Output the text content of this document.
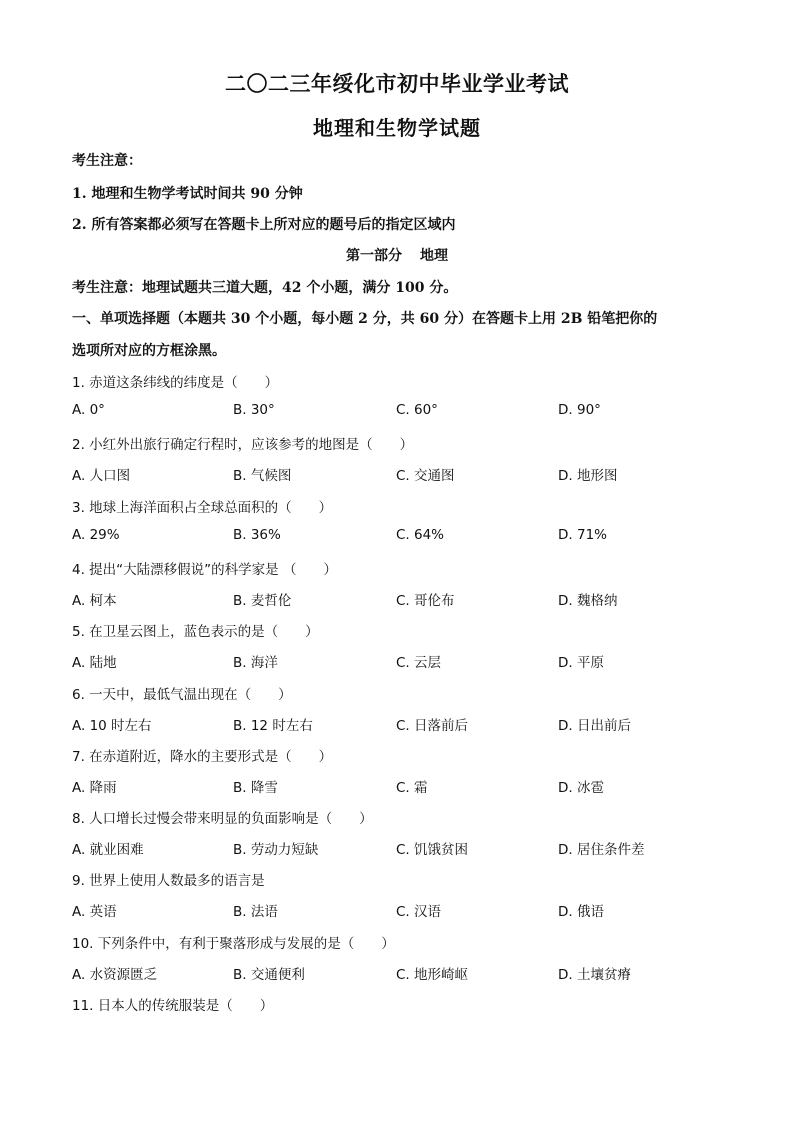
二〇二三年绥化市初中毕业学业考试
地理和生物学试题
考生注意：
1. 地理和生物学考试时间共 90 分钟
2. 所有答案都必须写在答题卡上所对应的题号后的指定区域内
第一部分 地理
考生注意：地理试题共三道大题，42 个小题，满分 100 分。
一、单项选择题（本题共 30 个小题，每小题 2 分，共 60 分）在答题卡上用 2B 铅笔把你的
选项所对应的方框涂黑。
1. 赤道这条纬线的纬度是（　　）
A. 0°	B. 30°	C. 60°	D. 90°
2. 小红外出旅行确定行程时，应该参考的地图是（　　）
A. 人口图	B. 气候图	C. 交通图	D. 地形图
3. 地球上海洋面积占全球总面积的（　　）
A. 29%	B. 36%	C. 64%	D. 71%
4. 提出“大陆漂移假说”的科学家是 （　　）
A. 柯本	B. 麦哲伦	C. 哥伦布	D. 魏格纳
5. 在卫星云图上，蓝色表示的是（　　）
A. 陆地	B. 海洋	C. 云层	D. 平原
6. 一天中，最低气温出现在（　　）
A. 10 时左右	B. 12 时左右	C. 日落前后	D. 日出前后
7. 在赤道附近，降水的主要形式是（　　）
A. 降雨	B. 降雪	C. 霜	D. 冰雹
8. 人口增长过慢会带来明显的负面影响是（　　）
A. 就业困难	B. 劳动力短缺	C. 饥饿贫困	D. 居住条件差
9. 世界上使用人数最多的语言是
A. 英语	B. 法语	C. 汉语	D. 俄语
10. 下列条件中，有利于聚落形成与发展的是（　　）
A. 水资源匮乏	B. 交通便利	C. 地形崎岖	D. 土壤贫瘠
11. 日本人的传统服装是（　　）
